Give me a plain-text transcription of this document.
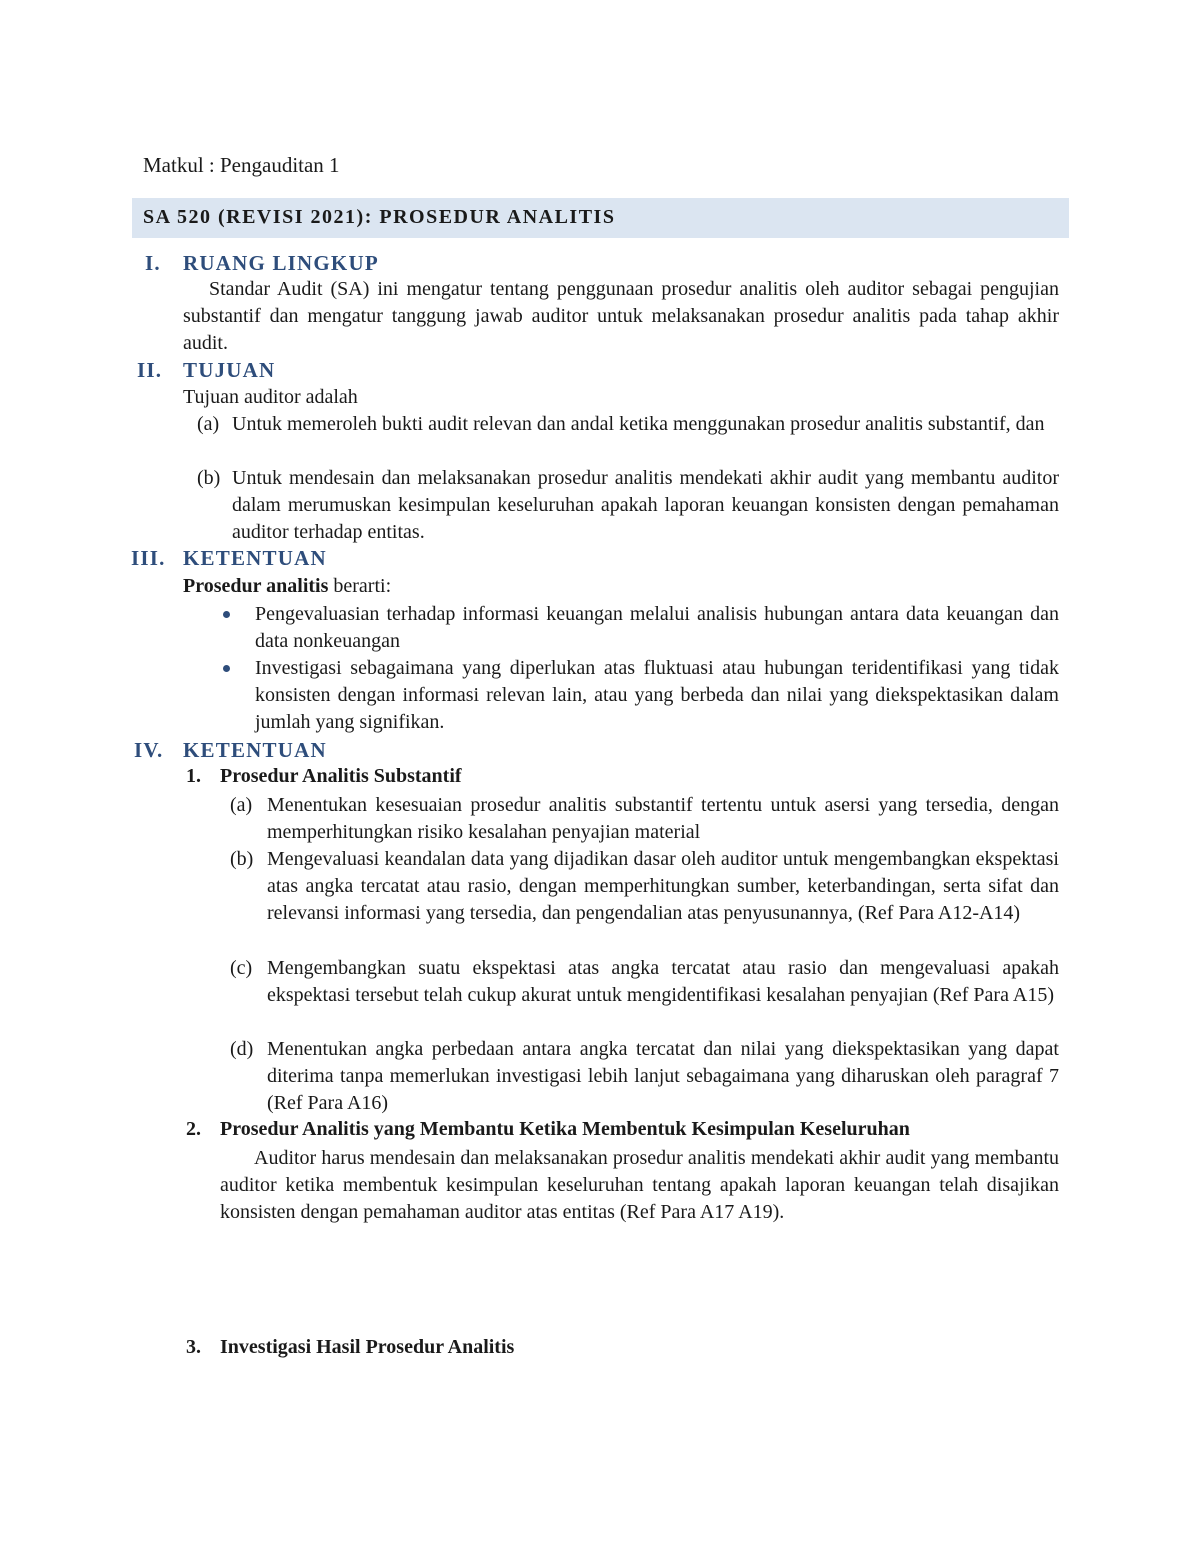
Matkul : Pengauditan 1
SA 520 (REVISI 2021): PROSEDUR ANALITIS
I. RUANG LINGKUP

Standar Audit (SA) ini mengatur tentang penggunaan prosedur analitis oleh auditor sebagai pengujian substantif dan mengatur tanggung jawab auditor untuk melaksanakan prosedur analitis pada tahap akhir audit.

II. TUJUAN

Tujuan auditor adalah

(a) Untuk memeroleh bukti audit relevan dan andal ketika menggunakan prosedur analitis substantif, dan
(b) Untuk mendesain dan melaksanakan prosedur analitis mendekati akhir audit yang membantu auditor dalam merumuskan kesimpulan keseluruhan apakah laporan keuangan konsisten dengan pemahaman auditor terhadap entitas.
III. KETENTUAN

Prosedur analitis berarti:

Pengevaluasian terhadap informasi keuangan melalui analisis hubungan antara data keuangan dan data nonkeuangan
Investigasi sebagaimana yang diperlukan atas fluktuasi atau hubungan teridentifikasi yang tidak konsisten dengan informasi relevan lain, atau yang berbeda dan nilai yang diekspektasikan dalam jumlah yang signifikan.
IV. KETENTUAN
1. Prosedur Analitis Substantif
(a) Menentukan kesesuaian prosedur analitis substantif tertentu untuk asersi yang tersedia, dengan memperhitungkan risiko kesalahan penyajian material
(b) Mengevaluasi keandalan data yang dijadikan dasar oleh auditor untuk mengembangkan ekspektasi atas angka tercatat atau rasio, dengan memperhitungkan sumber, keterbandingan, serta sifat dan relevansi informasi yang tersedia, dan pengendalian atas penyusunannya, (Ref Para A12-A14)
(c) Mengembangkan suatu ekspektasi atas angka tercatat atau rasio dan mengevaluasi apakah ekspektasi tersebut telah cukup akurat untuk mengidentifikasi kesalahan penyajian (Ref Para A15)
(d) Menentukan angka perbedaan antara angka tercatat dan nilai yang diekspektasikan yang dapat diterima tanpa memerlukan investigasi lebih lanjut sebagaimana yang diharuskan oleh paragraf 7 (Ref Para A16)
2. Prosedur Analitis yang Membantu Ketika Membentuk Kesimpulan Keseluruhan

Auditor harus mendesain dan melaksanakan prosedur analitis mendekati akhir audit yang membantu auditor ketika membentuk kesimpulan keseluruhan tentang apakah laporan keuangan telah disajikan konsisten dengan pemahaman auditor atas entitas (Ref Para A17 A19).

3. Investigasi Hasil Prosedur Analitis
